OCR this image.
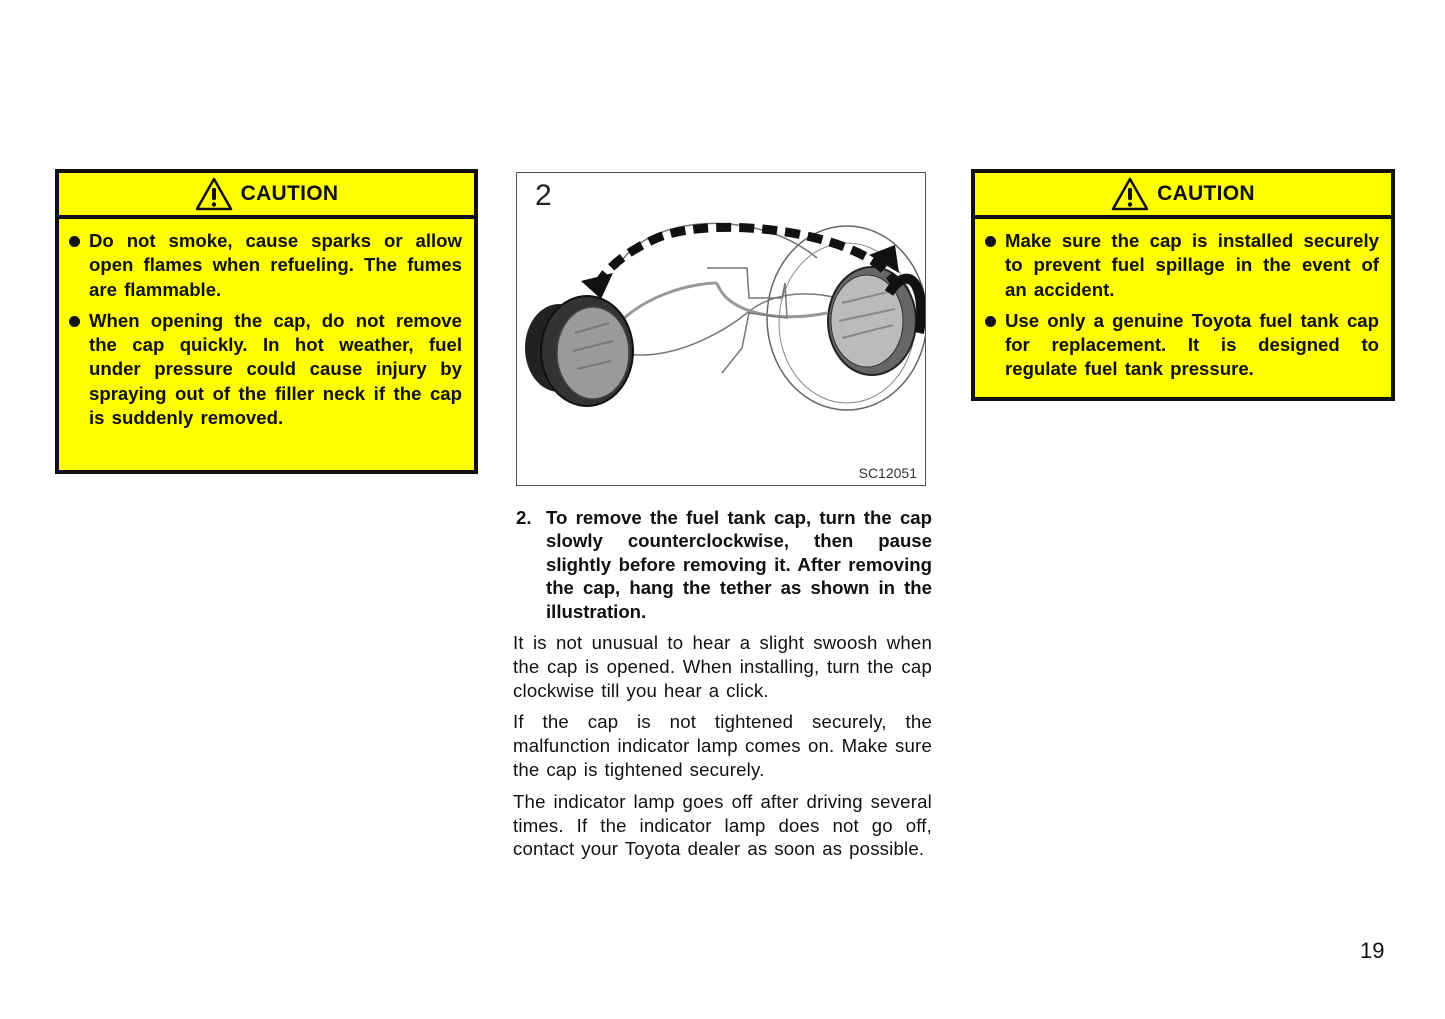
CAUTION
Do not smoke, cause sparks or allow open flames when refueling. The fumes are flammable.
When opening the cap, do not remove the cap quickly. In hot weather, fuel under pressure could cause injury by spraying out of the filler neck if the cap is suddenly removed.
2
SC12051
2. To remove the fuel tank cap, turn the cap slowly counterclockwise, then pause slightly before removing it. After removing the cap, hang the tether as shown in the illustration.

It is not unusual to hear a slight swoosh when the cap is opened. When installing, turn the cap clockwise till you hear a click.

If the cap is not tightened securely, the malfunction indicator lamp comes on. Make sure the cap is tightened securely.

The indicator lamp goes off after driving several times. If the indicator lamp does not go off, contact your Toyota dealer as soon as possible.

CAUTION
Make sure the cap is installed securely to prevent fuel spillage in the event of an accident.
Use only a genuine Toyota fuel tank cap for replacement. It is designed to regulate fuel tank pressure.
19
